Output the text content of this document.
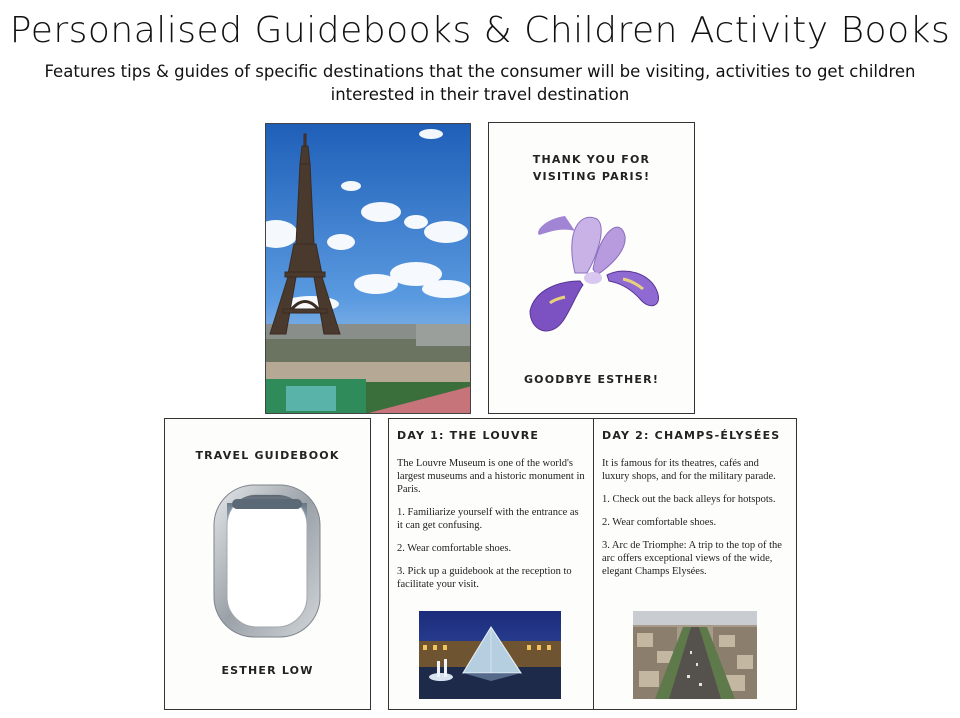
Personalised Guidebooks & Children Activity Books
Features tips & guides of specific destinations that the consumer will be visiting, activities to get children interested in their travel destination
THANK YOU FOR
VISITING PARIS!
GOODBYE ESTHER!
TRAVEL GUIDEBOOK
ESTHER LOW
DAY 1: THE LOUVRE

The Louvre Museum is one of the world's largest museums and a historic monument in Paris.

1. Familiarize yourself with the entrance as it can get confusing.

2. Wear comfortable shoes.

3. Pick up a guidebook at the reception to facilitate your visit.

DAY 2: CHAMPS-ÉLYSÉES

It is famous for its theatres, cafés and luxury shops, and for the military parade.

1. Check out the back alleys for hotspots.

2. Wear comfortable shoes.

3. Arc de Triomphe: A trip to the top of the arc offers exceptional views of the wide, elegant Champs Elysées.
